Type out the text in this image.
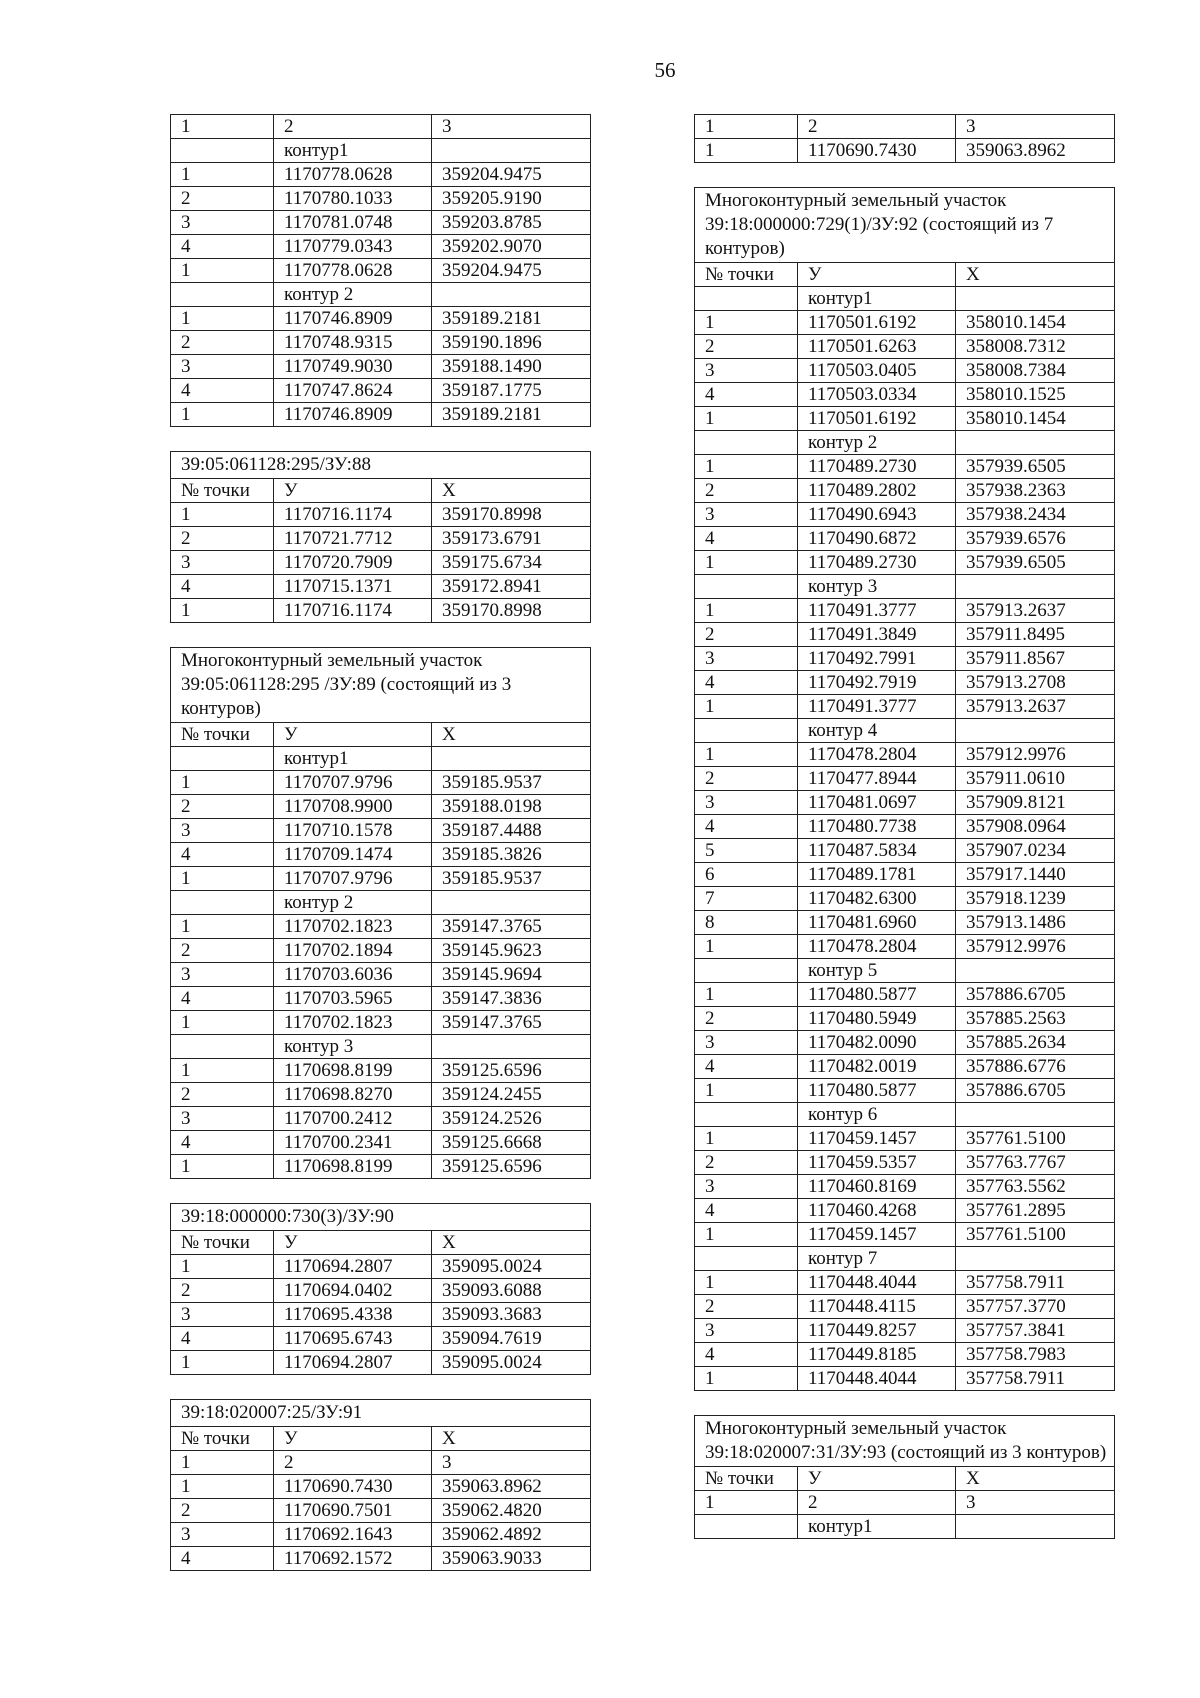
56
1	2	3
	контур1	
1	1170778.0628	359204.9475
2	1170780.1033	359205.9190
3	1170781.0748	359203.8785
4	1170779.0343	359202.9070
1	1170778.0628	359204.9475
	контур 2	
1	1170746.8909	359189.2181
2	1170748.9315	359190.1896
3	1170749.9030	359188.1490
4	1170747.8624	359187.1775
1	1170746.8909	359189.2181
39:05:061128:295/ЗУ:88		
№ точки	У	Х
1	1170716.1174	359170.8998
2	1170721.7712	359173.6791
3	1170720.7909	359175.6734
4	1170715.1371	359172.8941
1	1170716.1174	359170.8998
Многоконтурный земельный участок 39:05:061128:295 /ЗУ:89 (состоящий из 3 контуров)		
№ точки	У	Х
	контур1	
1	1170707.9796	359185.9537
2	1170708.9900	359188.0198
3	1170710.1578	359187.4488
4	1170709.1474	359185.3826
1	1170707.9796	359185.9537
	контур 2	
1	1170702.1823	359147.3765
2	1170702.1894	359145.9623
3	1170703.6036	359145.9694
4	1170703.5965	359147.3836
1	1170702.1823	359147.3765
	контур 3	
1	1170698.8199	359125.6596
2	1170698.8270	359124.2455
3	1170700.2412	359124.2526
4	1170700.2341	359125.6668
1	1170698.8199	359125.6596
39:18:000000:730(3)/ЗУ:90		
№ точки	У	Х
1	1170694.2807	359095.0024
2	1170694.0402	359093.6088
3	1170695.4338	359093.3683
4	1170695.6743	359094.7619
1	1170694.2807	359095.0024
39:18:020007:25/ЗУ:91		
№ точки	У	Х
1	2	3
1	1170690.7430	359063.8962
2	1170690.7501	359062.4820
3	1170692.1643	359062.4892
4	1170692.1572	359063.9033
1	2	3
1	1170690.7430	359063.8962
Многоконтурный земельный участок 39:18:000000:729(1)/ЗУ:92 (состоящий из 7 контуров)		
№ точки	У	Х
	контур1	
1	1170501.6192	358010.1454
2	1170501.6263	358008.7312
3	1170503.0405	358008.7384
4	1170503.0334	358010.1525
1	1170501.6192	358010.1454
	контур 2	
1	1170489.2730	357939.6505
2	1170489.2802	357938.2363
3	1170490.6943	357938.2434
4	1170490.6872	357939.6576
1	1170489.2730	357939.6505
	контур 3	
1	1170491.3777	357913.2637
2	1170491.3849	357911.8495
3	1170492.7991	357911.8567
4	1170492.7919	357913.2708
1	1170491.3777	357913.2637
	контур 4	
1	1170478.2804	357912.9976
2	1170477.8944	357911.0610
3	1170481.0697	357909.8121
4	1170480.7738	357908.0964
5	1170487.5834	357907.0234
6	1170489.1781	357917.1440
7	1170482.6300	357918.1239
8	1170481.6960	357913.1486
1	1170478.2804	357912.9976
	контур 5	
1	1170480.5877	357886.6705
2	1170480.5949	357885.2563
3	1170482.0090	357885.2634
4	1170482.0019	357886.6776
1	1170480.5877	357886.6705
	контур 6	
1	1170459.1457	357761.5100
2	1170459.5357	357763.7767
3	1170460.8169	357763.5562
4	1170460.4268	357761.2895
1	1170459.1457	357761.5100
	контур 7	
1	1170448.4044	357758.7911
2	1170448.4115	357757.3770
3	1170449.8257	357757.3841
4	1170449.8185	357758.7983
1	1170448.4044	357758.7911
Многоконтурный земельный участок 39:18:020007:31/ЗУ:93 (состоящий из 3 контуров)		
№ точки	У	Х
1	2	3
	контур1	
